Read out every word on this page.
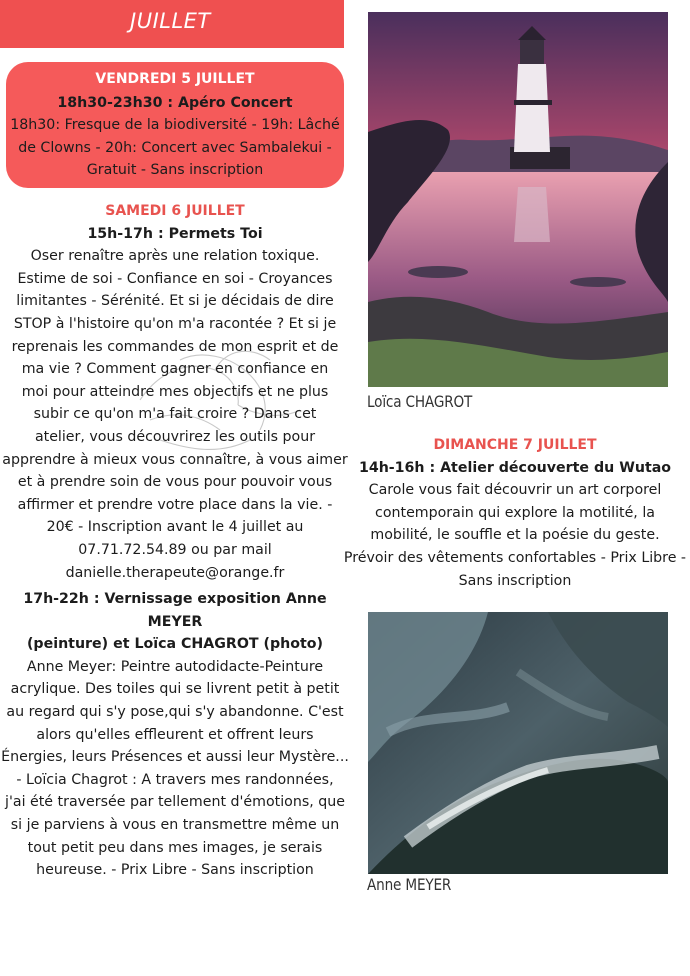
JUILLET
VENDREDI 5 JUILLET
18h30-23h30 : Apéro Concert
18h30: Fresque de la biodiversité - 19h: Lâché
de Clowns - 20h: Concert avec Sambalekui -
Gratuit - Sans inscription
SAMEDI 6 JUILLET
15h-17h : Permets Toi
Oser renaître après une relation toxique.
Estime de soi - Confiance en soi - Croyances
limitantes - Sérénité. Et si je décidais de dire
STOP à l'histoire qu'on m'a racontée ? Et si je
reprenais les commandes de mon esprit et de
ma vie ? Comment gagner en confiance en
moi pour atteindre mes objectifs et ne plus
subir ce qu'on m'a fait croire ? Dans cet
atelier, vous découvrirez les outils pour
apprendre à mieux vous connaître, à vous aimer
et à prendre soin de vous pour pouvoir vous
affirmer et prendre votre place dans la vie. -
20€ - Inscription avant le 4 juillet au
07.71.72.54.89 ou par mail
danielle.therapeute@orange.fr
17h-22h : Vernissage exposition Anne MEYER
(peinture) et Loïca CHAGROT (photo)
Anne Meyer: Peintre autodidacte-Peinture
acrylique. Des toiles qui se livrent petit à petit
au regard qui s'y pose,qui s'y abandonne. C'est
alors qu'elles effleurent et offrent leurs
Énergies, leurs Présences et aussi leur Mystère...
- Loïcia Chagrot : A travers mes randonnées,
j'ai été traversée par tellement d'émotions, que
si je parviens à vous en transmettre même un
tout petit peu dans mes images, je serais
heureuse. - Prix Libre - Sans inscription
Loïca CHAGROT
DIMANCHE 7 JUILLET
14h-16h : Atelier découverte du Wutao
Carole vous fait découvrir un art corporel
contemporain qui explore la motilité, la
mobilité, le souffle et la poésie du geste.
Prévoir des vêtements confortables - Prix Libre -
Sans inscription
Anne MEYER
